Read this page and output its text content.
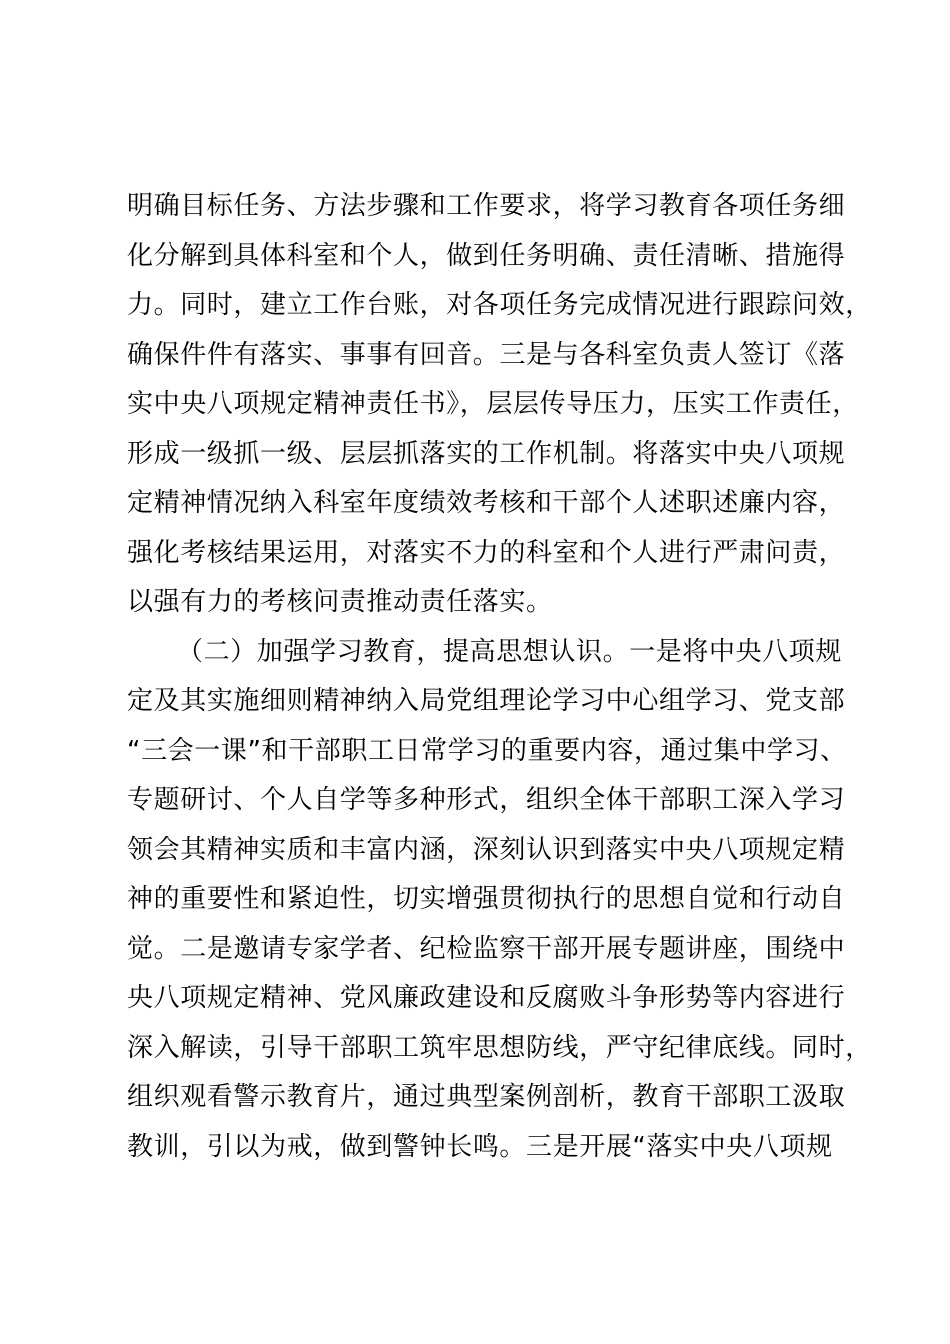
明确目标任务、方法步骤和工作要求，将学习教育各项任务细
化分解到具体科室和个人，做到任务明确、责任清晰、措施得
力。同时，建立工作台账，对各项任务完成情况进行跟踪问效，
确保件件有落实、事事有回音。三是与各科室负责人签订《落
实中央八项规定精神责任书》，层层传导压力，压实工作责任，
形成一级抓一级、层层抓落实的工作机制。将落实中央八项规
定精神情况纳入科室年度绩效考核和干部个人述职述廉内容，
强化考核结果运用，对落实不力的科室和个人进行严肃问责，
以强有力的考核问责推动责任落实。
（二）加强学习教育，提高思想认识。一是将中央八项规
定及其实施细则精神纳入局党组理论学习中心组学习、党支部
“三会一课”和干部职工日常学习的重要内容，通过集中学习、
专题研讨、个人自学等多种形式，组织全体干部职工深入学习
领会其精神实质和丰富内涵，深刻认识到落实中央八项规定精
神的重要性和紧迫性，切实增强贯彻执行的思想自觉和行动自
觉。二是邀请专家学者、纪检监察干部开展专题讲座，围绕中
央八项规定精神、党风廉政建设和反腐败斗争形势等内容进行
深入解读，引导干部职工筑牢思想防线，严守纪律底线。同时，
组织观看警示教育片，通过典型案例剖析，教育干部职工汲取
教训，引以为戒，做到警钟长鸣。三是开展“落实中央八项规
